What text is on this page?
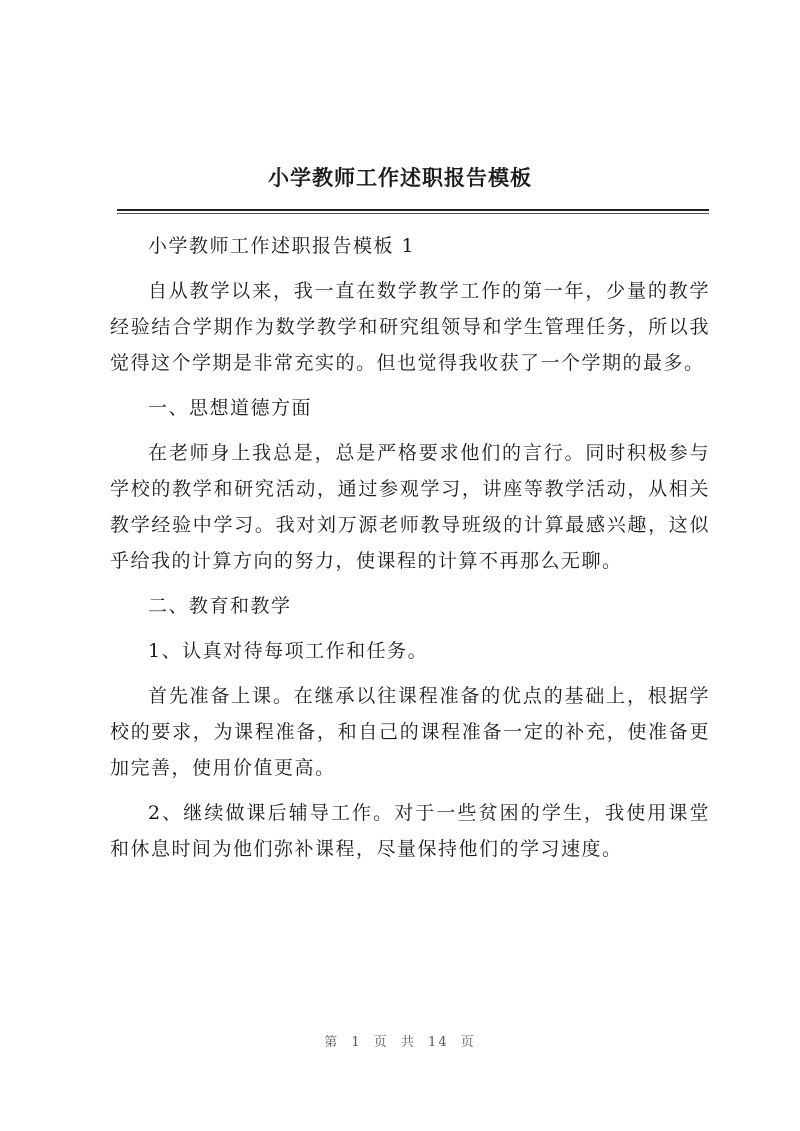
小学教师工作述职报告模板

小学教师工作述职报告模板 1

自从教学以来，我一直在数学教学工作的第一年，少量的教学经验结合学期作为数学教学和研究组领导和学生管理任务，所以我觉得这个学期是非常充实的。但也觉得我收获了一个学期的最多。

一、思想道德方面

在老师身上我总是，总是严格要求他们的言行。同时积极参与学校的教学和研究活动，通过参观学习，讲座等教学活动，从相关教学经验中学习。我对刘万源老师教导班级的计算最感兴趣，这似乎给我的计算方向的努力，使课程的计算不再那么无聊。

二、教育和教学

1、认真对待每项工作和任务。

首先准备上课。在继承以往课程准备的优点的基础上，根据学校的要求，为课程准备，和自己的课程准备一定的补充，使准备更加完善，使用价值更高。

2、继续做课后辅导工作。对于一些贫困的学生，我使用课堂和休息时间为他们弥补课程，尽量保持他们的学习速度。

第 1 页 共 14 页
